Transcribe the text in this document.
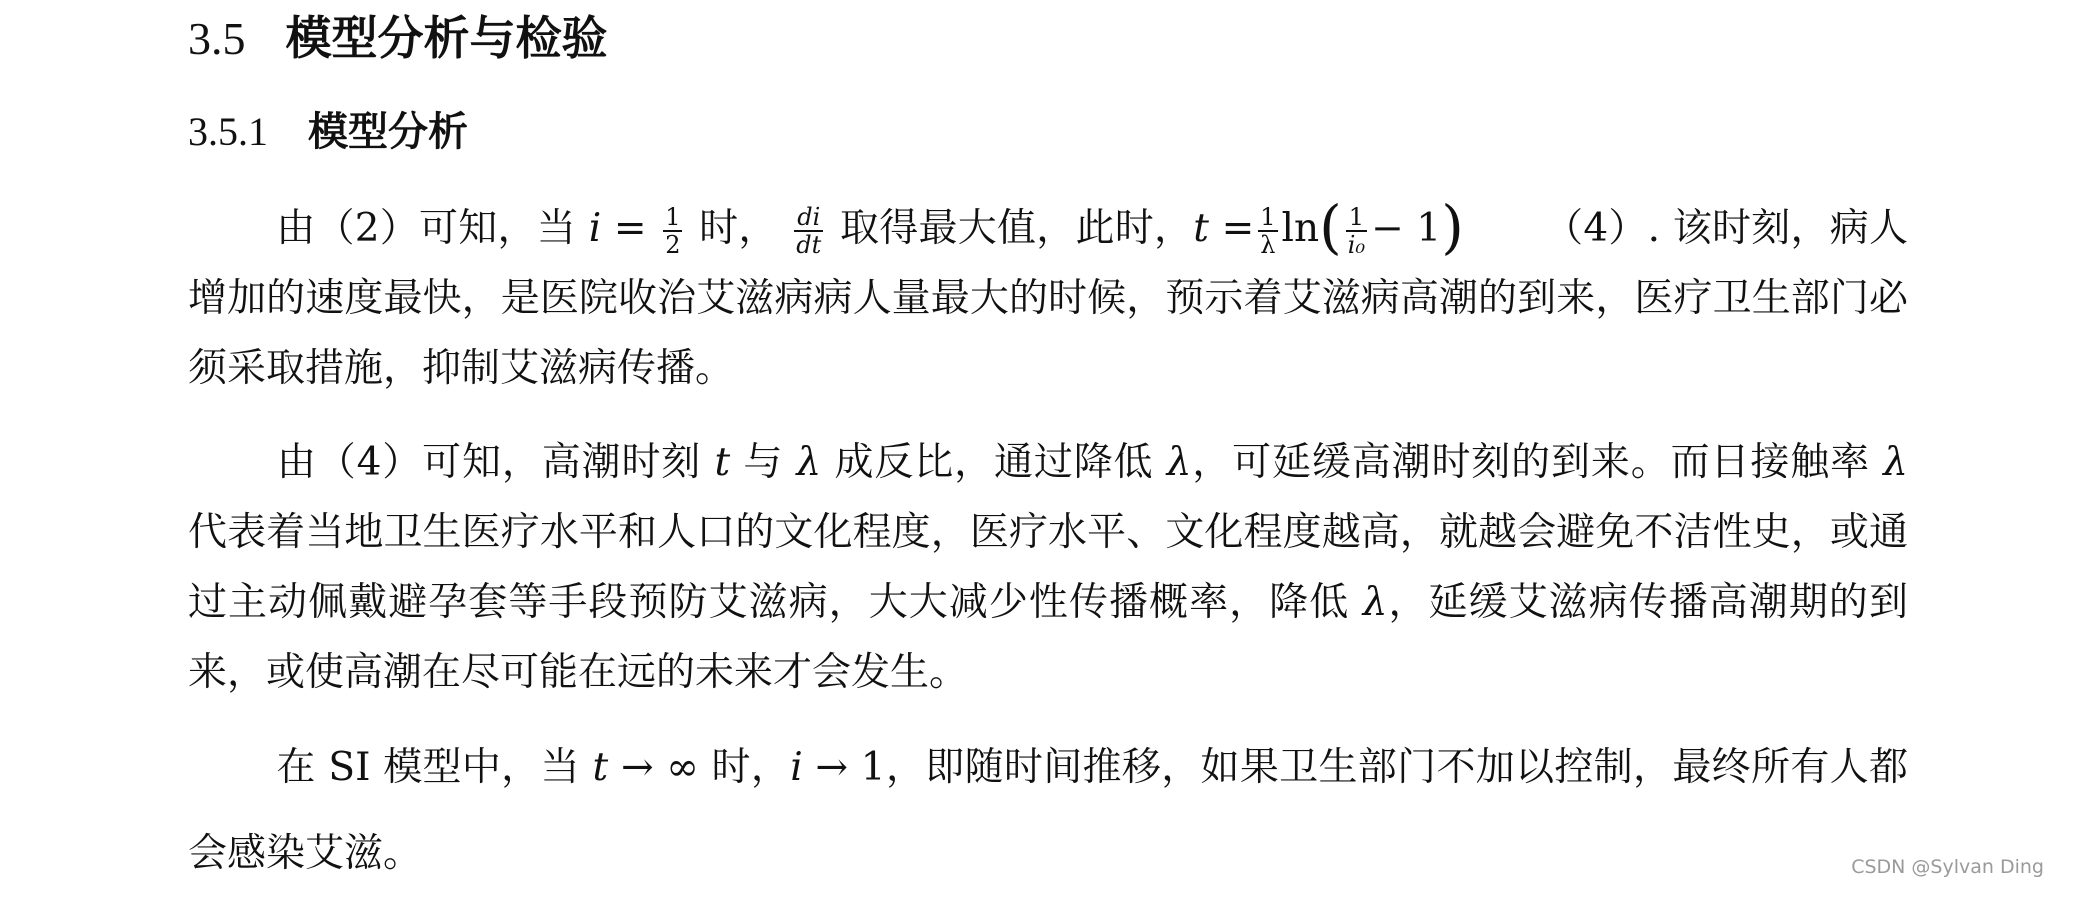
3.5 模型分析与检验
3.5.1 模型分析
由（2）可知，当 $i = \frac{1}{2}$ 时， $\frac{di}{dt}$ 取得最大值，此时，$t = \frac{1}{\lambda} \ln( \frac{1}{\text{i₀}} - 1)$ （4）. 该时刻，病人增加的速度最快，是医院收治艾滋病病人量最大的时候，预示着艾滋病高潮的到来，医疗卫生部门必须采取措施，抑制艾滋病传播。
由（4）可知，高潮时刻 t 与 λ 成反比，通过降低 λ，可延缓高潮时刻的到来。而日接触率 λ 代表着当地卫生医疗水平和人口的文化程度，医疗水平、文化程度越高，就越会避免不洁性史，或通过主动佩戴避孕套等手段预防艾滋病，大大减少性传播概率，降低 λ，延缓艾滋病传播高潮期的到来，或使高潮在尽可能在远的未来才会发生。
在 SI 模型中，当 t → ∞ 时，i → 1，即随时间推移，如果卫生部门不加以控制，最终所有人都会感染艾滋。	CSDN @Sylvan Ding
